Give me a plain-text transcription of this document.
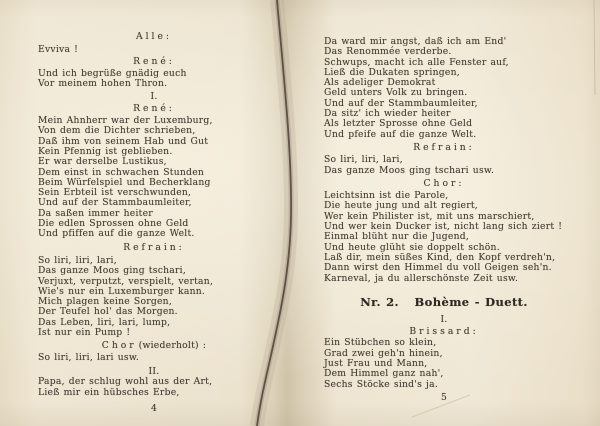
Alle:
Evviva !
René:
Und ich begrüße gnädig euch
Vor meinem hohen Thron.
I.
René:
Mein Ahnherr war der Luxemburg,
Von dem die Dichter schrieben,
Daß ihm von seinem Hab und Gut
Kein Pfennig ist geblieben.
Er war derselbe Lustikus,
Dem einst in schwachen Stunden
Beim Würfelspiel und Becherklang
Sein Erbteil ist verschwunden,
Und auf der Stammbaumleiter,
Da saßen immer heiter
Die edlen Sprossen ohne Geld
Und pfiffen auf die ganze Welt.
Refrain:
So liri, liri, lari,
Das ganze Moos ging tschari,
Verjuxt, verputzt, verspielt, vertan,
Wie's nur ein Luxemburger kann.
Mich plagen keine Sorgen,
Der Teufel hol' das Morgen.
Das Leben, liri, lari, lump,
Ist nur ein Pump !
Chor (wiederholt) :
So liri, liri, lari usw.
II.
Papa, der schlug wohl aus der Art,
Ließ mir ein hübsches Erbe,
4
Da ward mir angst, daß ich am End'
Das Renommée verderbe.
Schwups, macht ich alle Fenster auf,
Ließ die Dukaten springen,
Als adeliger Demokrat
Geld unters Volk zu bringen.
Und auf der Stammbaumleiter,
Da sitz' ich wieder heiter
Als letzter Sprosse ohne Geld
Und pfeife auf die ganze Welt.
Refrain:
So liri, liri, lari,
Das ganze Moos ging tschari usw.
Chor:
Leichtsinn ist die Parole,
Die heute jung und alt regiert,
Wer kein Philister ist, mit uns marschiert,
Und wer kein Ducker ist, nicht lang sich ziert !
Einmal blüht nur die Jugend,
Und heute glüht sie doppelt schön.
Laß dir, mein süßes Kind, den Kopf verdreh'n,
Dann wirst den Himmel du voll Geigen seh'n.
Karneval, ja du allerschönste Zeit usw.
Nr. 2.   Bohème - Duett.
I.
Brissard:
Ein Stübchen so klein,
Grad zwei geh'n hinein,
Just Frau und Mann,
Dem Himmel ganz nah',
Sechs Stöcke sind's ja.
5
